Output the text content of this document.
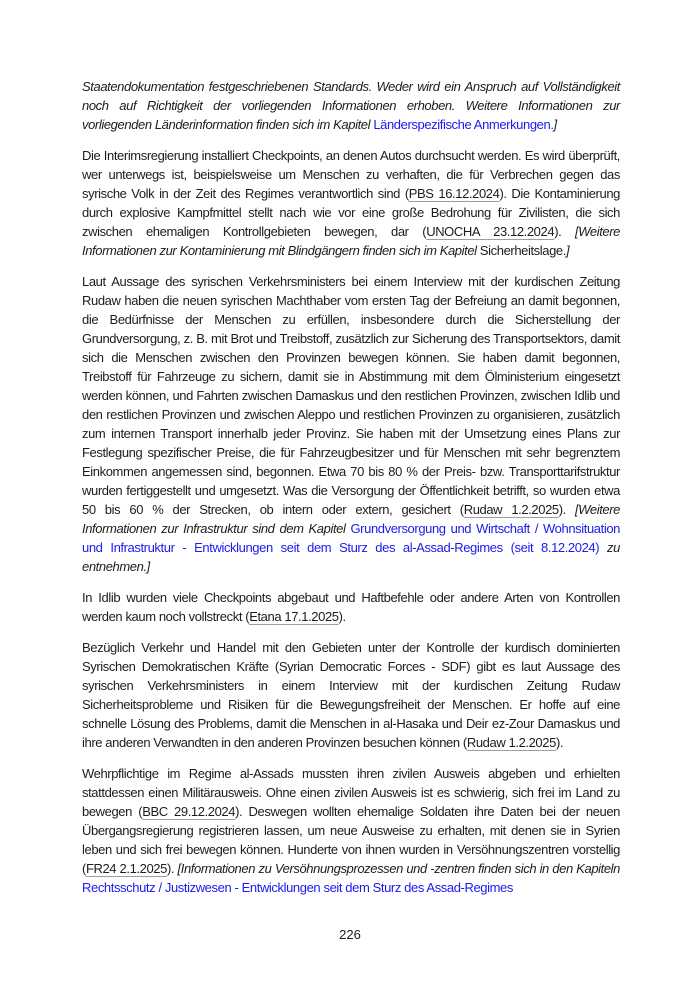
Staatendokumentation festgeschriebenen Standards. Weder wird ein Anspruch auf Vollständigkeit noch auf Richtigkeit der vorliegenden Informationen erhoben. Weitere Informationen zur vorliegenden Länderinformation finden sich im Kapitel Länderspezifische Anmerkungen.]

Die Interimsregierung installiert Checkpoints, an denen Autos durchsucht werden. Es wird überprüft, wer unterwegs ist, beispielsweise um Menschen zu verhaften, die für Verbrechen gegen das syrische Volk in der Zeit des Regimes verantwortlich sind (PBS 16.12.2024). Die Kontaminierung durch explosive Kampfmittel stellt nach wie vor eine große Bedrohung für Zivilisten, die sich zwischen ehemaligen Kontrollgebieten bewegen, dar (UNOCHA 23.12.2024). [Weitere Informationen zur Kontaminierung mit Blindgängern finden sich im Kapitel Sicherheitslage.]

Laut Aussage des syrischen Verkehrsministers bei einem Interview mit der kurdischen Zeitung Rudaw haben die neuen syrischen Machthaber vom ersten Tag der Befreiung an damit begonnen, die Bedürfnisse der Menschen zu erfüllen, insbesondere durch die Sicherstellung der Grundversorgung, z. B. mit Brot und Treibstoff, zusätzlich zur Sicherung des Transportsektors, damit sich die Menschen zwischen den Provinzen bewegen können. Sie haben damit begonnen, Treibstoff für Fahrzeuge zu sichern, damit sie in Abstimmung mit dem Ölministerium eingesetzt werden können, und Fahrten zwischen Damaskus und den restlichen Provinzen, zwischen Idlib und den restlichen Provinzen und zwischen Aleppo und restlichen Provinzen zu organisieren, zusätzlich zum internen Transport innerhalb jeder Provinz. Sie haben mit der Umsetzung eines Plans zur Festlegung spezifischer Preise, die für Fahrzeugbesitzer und für Menschen mit sehr begrenztem Einkommen angemessen sind, begonnen. Etwa 70 bis 80 % der Preis- bzw. Transporttarifstruktur wurden fertiggestellt und umgesetzt. Was die Versorgung der Öffentlichkeit betrifft, so wurden etwa 50 bis 60 % der Strecken, ob intern oder extern, gesichert (Rudaw 1.2.2025). [Weitere Informationen zur Infrastruktur sind dem Kapitel Grundversorgung und Wirtschaft / Wohnsituation und Infrastruktur - Entwicklungen seit dem Sturz des al-Assad-Regimes (seit 8.12.2024) zu entnehmen.]

In Idlib wurden viele Checkpoints abgebaut und Haftbefehle oder andere Arten von Kontrollen werden kaum noch vollstreckt (Etana 17.1.2025).

Bezüglich Verkehr und Handel mit den Gebieten unter der Kontrolle der kurdisch dominierten Syrischen Demokratischen Kräfte (Syrian Democratic Forces - SDF) gibt es laut Aussage des syrischen Verkehrsministers in einem Interview mit der kurdischen Zeitung Rudaw Sicherheitsprobleme und Risiken für die Bewegungsfreiheit der Menschen. Er hoffe auf eine schnelle Lösung des Problems, damit die Menschen in al-Hasaka und Deir ez-Zour Damaskus und ihre anderen Verwandten in den anderen Provinzen besuchen können (Rudaw 1.2.2025).

Wehrpflichtige im Regime al-Assads mussten ihren zivilen Ausweis abgeben und erhielten stattdessen einen Militärausweis. Ohne einen zivilen Ausweis ist es schwierig, sich frei im Land zu bewegen (BBC 29.12.2024). Deswegen wollten ehemalige Soldaten ihre Daten bei der neuen Übergangsregierung registrieren lassen, um neue Ausweise zu erhalten, mit denen sie in Syrien leben und sich frei bewegen können. Hunderte von ihnen wurden in Versöhnungszentren vorstellig (FR24 2.1.2025). [Informationen zu Versöhnungsprozessen und -zentren finden sich in den Kapiteln Rechtsschutz / Justizwesen - Entwicklungen seit dem Sturz des Assad-Regimes

226
